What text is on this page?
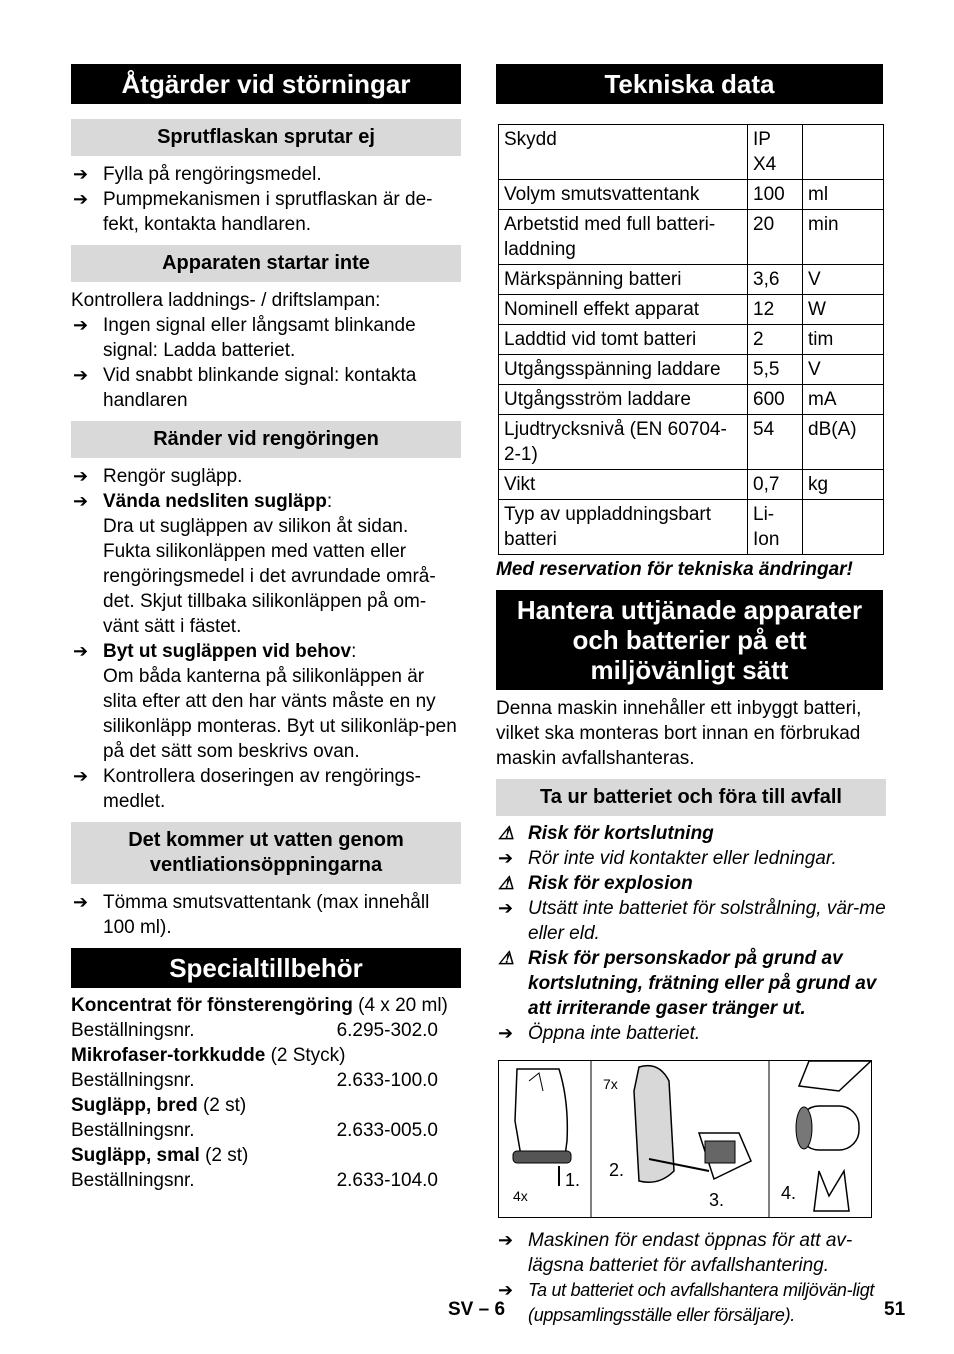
Åtgärder vid störningar
Sprutflaskan sprutar ej
➔ Fylla på rengöringsmedel.
➔ Pumpmekanismen i sprutflaskan är de-fekt, kontakta handlaren.
Apparaten startar inte
Kontrollera laddnings- / driftslampan:
➔ Ingen signal eller långsamt blinkande signal: Ladda batteriet.
➔ Vid snabbt blinkande signal: kontakta handlaren
Ränder vid rengöringen
➔ Rengör sugläpp.
➔ Vända nedsliten sugläpp:
Dra ut sugläppen av silikon åt sidan. Fukta silikonläppen med vatten eller rengöringsmedel i det avrundade områ-det. Skjut tillbaka silikonläppen på om-vänt sätt i fästet.
➔ Byt ut sugläppen vid behov:
Om båda kanterna på silikonläppen är slita efter att den har vänts måste en ny silikonläpp monteras. Byt ut silikonläp-pen på det sätt som beskrivs ovan.
➔ Kontrollera doseringen av rengörings-medlet.
Det kommer ut vatten genom ventliationsöppningarna
➔ Tömma smutsvattentank (max innehåll 100 ml).
Specialtillbehör
Koncentrat för fönsterengöring (4 x 20 ml)
Beställningsnr.	6.295-302.0
Mikrofaser-torkkudde (2 Styck)
Beställningsnr.	2.633-100.0
Sugläpp, bred (2 st)
Beställningsnr.	2.633-005.0
Sugläpp, smal (2 st)
Beställningsnr.	2.633-104.0
Tekniska data
Skydd	IP X4	
Volym smutsvattentank	100	ml
Arbetstid med full batteri-laddning	20	min
Märkspänning batteri	3,6	V
Nominell effekt apparat	12	W
Laddtid vid tomt batteri	2	tim
Utgångsspänning laddare	5,5	V
Utgångsström laddare	600	mA
Ljudtrycksnivå (EN 60704-2-1)	54	dB(A)
Vikt	0,7	kg
Typ av uppladdningsbart batteri	Li-Ion	
Med reservation för tekniska ändringar!
Hantera uttjänade apparater och batterier på ett miljövänligt sätt
Denna maskin innehåller ett inbyggt batteri, vilket ska monteras bort innan en förbrukad maskin avfallshanteras.
Ta ur batteriet och föra till avfall
⚠ Risk för kortslutning
➔ Rör inte vid kontakter eller ledningar.
⚠ Risk för explosion
➔ Utsätt inte batteriet för solstrålning, vär-me eller eld.
⚠ Risk för personskador på grund av kortslutning, frätning eller på grund av att irriterande gaser tränger ut.
➔ Öppna inte batteriet.
4x
1.
7x
2.
3.	4.
➔ Maskinen för endast öppnas för att av-lägsna batteriet för avfallshantering.
➔ Ta ut batteriet och avfallshantera miljövän-ligt (uppsamlingsställe eller försäljare).
SV – 6	51
